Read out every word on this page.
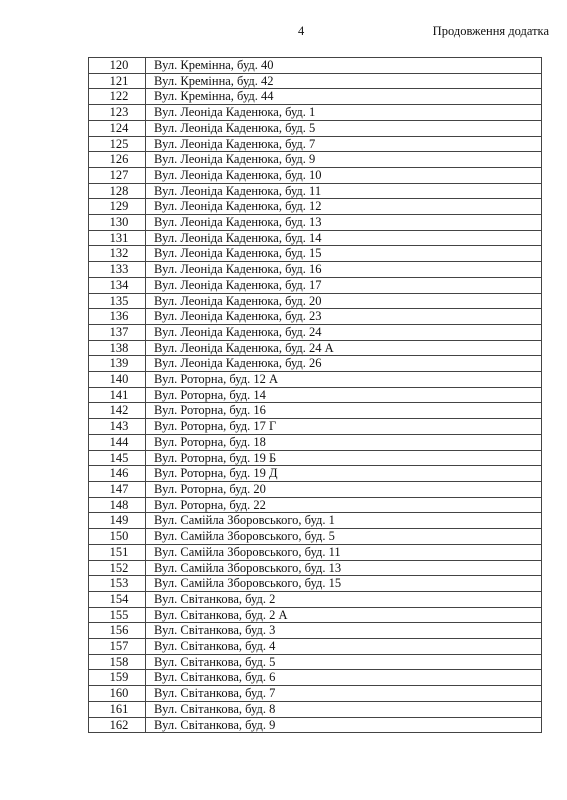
4	Продовження додатка
120	Вул. Кремінна, буд. 40
121	Вул. Кремінна, буд. 42
122	Вул. Кремінна, буд. 44
123	Вул. Леоніда Каденюка, буд. 1
124	Вул. Леоніда Каденюка, буд. 5
125	Вул. Леоніда Каденюка, буд. 7
126	Вул. Леоніда Каденюка, буд. 9
127	Вул. Леоніда Каденюка, буд. 10
128	Вул. Леоніда Каденюка, буд. 11
129	Вул. Леоніда Каденюка, буд. 12
130	Вул. Леоніда Каденюка, буд. 13
131	Вул. Леоніда Каденюка, буд. 14
132	Вул. Леоніда Каденюка, буд. 15
133	Вул. Леоніда Каденюка, буд. 16
134	Вул. Леоніда Каденюка, буд. 17
135	Вул. Леоніда Каденюка, буд. 20
136	Вул. Леоніда Каденюка, буд. 23
137	Вул. Леоніда Каденюка, буд. 24
138	Вул. Леоніда Каденюка, буд. 24 А
139	Вул. Леоніда Каденюка, буд. 26
140	Вул. Роторна, буд. 12 А
141	Вул. Роторна, буд. 14
142	Вул. Роторна, буд. 16
143	Вул. Роторна, буд. 17 Г
144	Вул. Роторна, буд. 18
145	Вул. Роторна, буд. 19 Б
146	Вул. Роторна, буд. 19 Д
147	Вул. Роторна, буд. 20
148	Вул. Роторна, буд. 22
149	Вул. Самійла Зборовського, буд. 1
150	Вул. Самійла Зборовського, буд. 5
151	Вул. Самійла Зборовського, буд. 11
152	Вул. Самійла Зборовського, буд. 13
153	Вул. Самійла Зборовського, буд. 15
154	Вул. Світанкова, буд. 2
155	Вул. Світанкова, буд. 2 А
156	Вул. Світанкова, буд. 3
157	Вул. Світанкова, буд. 4
158	Вул. Світанкова, буд. 5
159	Вул. Світанкова, буд. 6
160	Вул. Світанкова, буд. 7
161	Вул. Світанкова, буд. 8
162	Вул. Світанкова, буд. 9
